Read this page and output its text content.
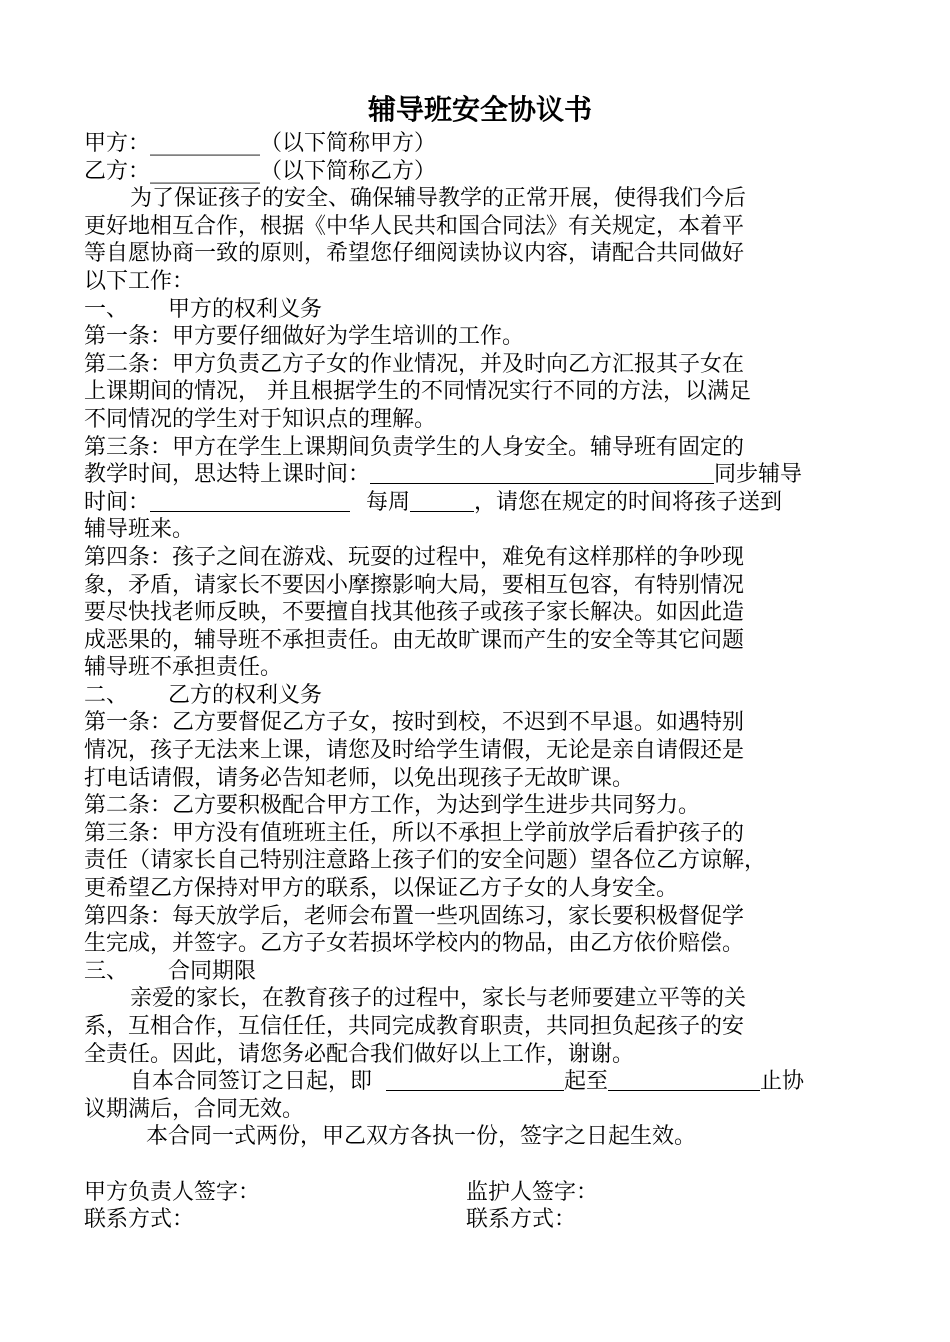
辅导班安全协议书
甲方：__________（以下简称甲方）
乙方：__________（以下简称乙方）
为了保证孩子的安全、确保辅导教学的正常开展，使得我们今后
更好地相互合作，根据《中华人民共和国合同法》有关规定，本着平
等自愿协商一致的原则，希望您仔细阅读协议内容，请配合共同做好
以下工作：
一、 甲方的权利义务
第一条：甲方要仔细做好为学生培训的工作。
第二条：甲方负责乙方子女的作业情况，并及时向乙方汇报其子女在
上课期间的情况， 并且根据学生的不同情况实行不同的方法，以满足
不同情况的学生对于知识点的理解。
第三条：甲方在学生上课期间负责学生的人身安全。辅导班有固定的
教学时间，思达特上课时间：	同步辅导
时间：	每周	，请您在规定的时间将孩子送到
辅导班来。
第四条：孩子之间在游戏、玩耍的过程中，难免有这样那样的争吵现
象，矛盾，请家长不要因小摩擦影响大局，要相互包容，有特别情况
要尽快找老师反映，不要擅自找其他孩子或孩子家长解决。如因此造
成恶果的，辅导班不承担责任。由无故旷课而产生的安全等其它问题
辅导班不承担责任。
二、 乙方的权利义务
第一条：乙方要督促乙方子女，按时到校，不迟到不早退。如遇特别
情况，孩子无法来上课，请您及时给学生请假，无论是亲自请假还是
打电话请假，请务必告知老师，以免出现孩子无故旷课。
第二条：乙方要积极配合甲方工作，为达到学生进步共同努力。
第三条：甲方没有值班班主任，所以不承担上学前放学后看护孩子的
责任（请家长自己特别注意路上孩子们的安全问题）望各位乙方谅解，
更希望乙方保持对甲方的联系，以保证乙方子女的人身安全。
第四条：每天放学后，老师会布置一些巩固练习，家长要积极督促学
生完成，并签字。乙方子女若损坏学校内的物品，由乙方依价赔偿。
三、 合同期限
亲爱的家长，在教育孩子的过程中，家长与老师要建立平等的关
系，互相合作，互信任任，共同完成教育职责，共同担负起孩子的安
全责任。因此，请您务必配合我们做好以上工作，谢谢。
自本合同签订之日起，即	起至	止协
议期满后，合同无效。
本合同一式两份，甲乙双方各执一份，签字之日起生效。
甲方负责人签字：	监护人签字：
联系方式：	联系方式：
